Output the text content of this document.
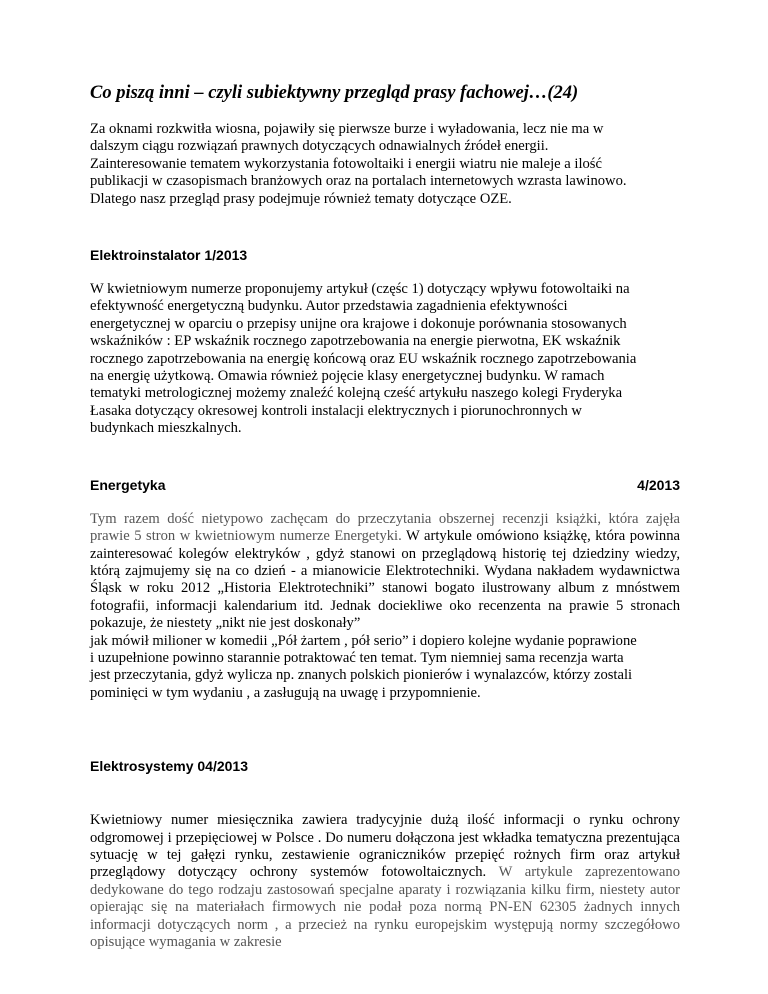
Co piszą inni – czyli subiektywny przegląd prasy fachowej…(24)

Za oknami rozkwitła wiosna, pojawiły się pierwsze burze i wyładowania, lecz nie ma w
dalszym ciągu rozwiązań prawnych dotyczących odnawialnych źródeł energii.
Zainteresowanie tematem wykorzystania fotowoltaiki i energii wiatru nie maleje a ilość
publikacji w czasopismach branżowych oraz na portalach internetowych wzrasta lawinowo.
Dlatego nasz przegląd prasy podejmuje również tematy dotyczące OZE.

Elektroinstalator 1/2013

W kwietniowym numerze proponujemy artykuł (częśc 1) dotyczący wpływu fotowoltaiki na
efektywność energetyczną budynku. Autor przedstawia zagadnienia efektywności
energetycznej w oparciu o przepisy unijne ora krajowe i dokonuje porównania stosowanych
wskaźników : EP wskaźnik rocznego zapotrzebowania na energie pierwotna, EK wskaźnik
rocznego zapotrzebowania na energię końcową oraz EU wskaźnik rocznego zapotrzebowania
na energię użytkową. Omawia również pojęcie klasy energetycznej budynku. W ramach
tematyki metrologicznej możemy znaleźć kolejną cześć artykułu naszego kolegi Fryderyka
Łasaka dotyczący okresowej kontroli instalacji elektrycznych i piorunochronnych w
budynkach mieszkalnych.

Energetyka	4/2013

Tym razem dość nietypowo zachęcam do przeczytania obszernej recenzji książki, która zajęła prawie 5 stron w kwietniowym numerze Energetyki. W artykule omówiono książkę, która powinna zainteresować kolegów elektryków , gdyż stanowi on przeglądową historię tej dziedziny wiedzy, którą zajmujemy się na co dzień - a mianowicie Elektrotechniki. Wydana nakładem wydawnictwa Śląsk w roku 2012 „Historia Elektrotechniki” stanowi bogato ilustrowany album z mnóstwem fotografii, informacji kalendarium itd. Jednak dociekliwe oko recenzenta na prawie 5 stronach pokazuje, że niestety „nikt nie jest doskonały”

jak mówił milioner w komedii „Pół żartem , pół serio” i dopiero kolejne wydanie poprawione
i uzupełnione powinno starannie potraktować ten temat. Tym niemniej sama recenzja warta
jest przeczytania, gdyż wylicza np. znanych polskich pionierów i wynalazców, którzy zostali
pominięci w tym wydaniu , a zasługują na uwagę i przypomnienie.

Elektrosystemy 04/2013

Kwietniowy numer miesięcznika zawiera tradycyjnie dużą ilość informacji o rynku ochrony odgromowej i przepięciowej w Polsce . Do numeru dołączona jest wkładka tematyczna prezentująca sytuację w tej gałęzi rynku, zestawienie ograniczników przepięć rożnych firm oraz artykuł przeglądowy dotyczący ochrony systemów fotowoltaicznych. W artykule zaprezentowano dedykowane do tego rodzaju zastosowań specjalne aparaty i rozwiązania kilku firm, niestety autor opierając się na materiałach firmowych nie podał poza normą PN-EN 62305 żadnych innych informacji dotyczących norm , a przecież na rynku europejskim występują normy szczegółowo opisujące wymagania w zakresie
